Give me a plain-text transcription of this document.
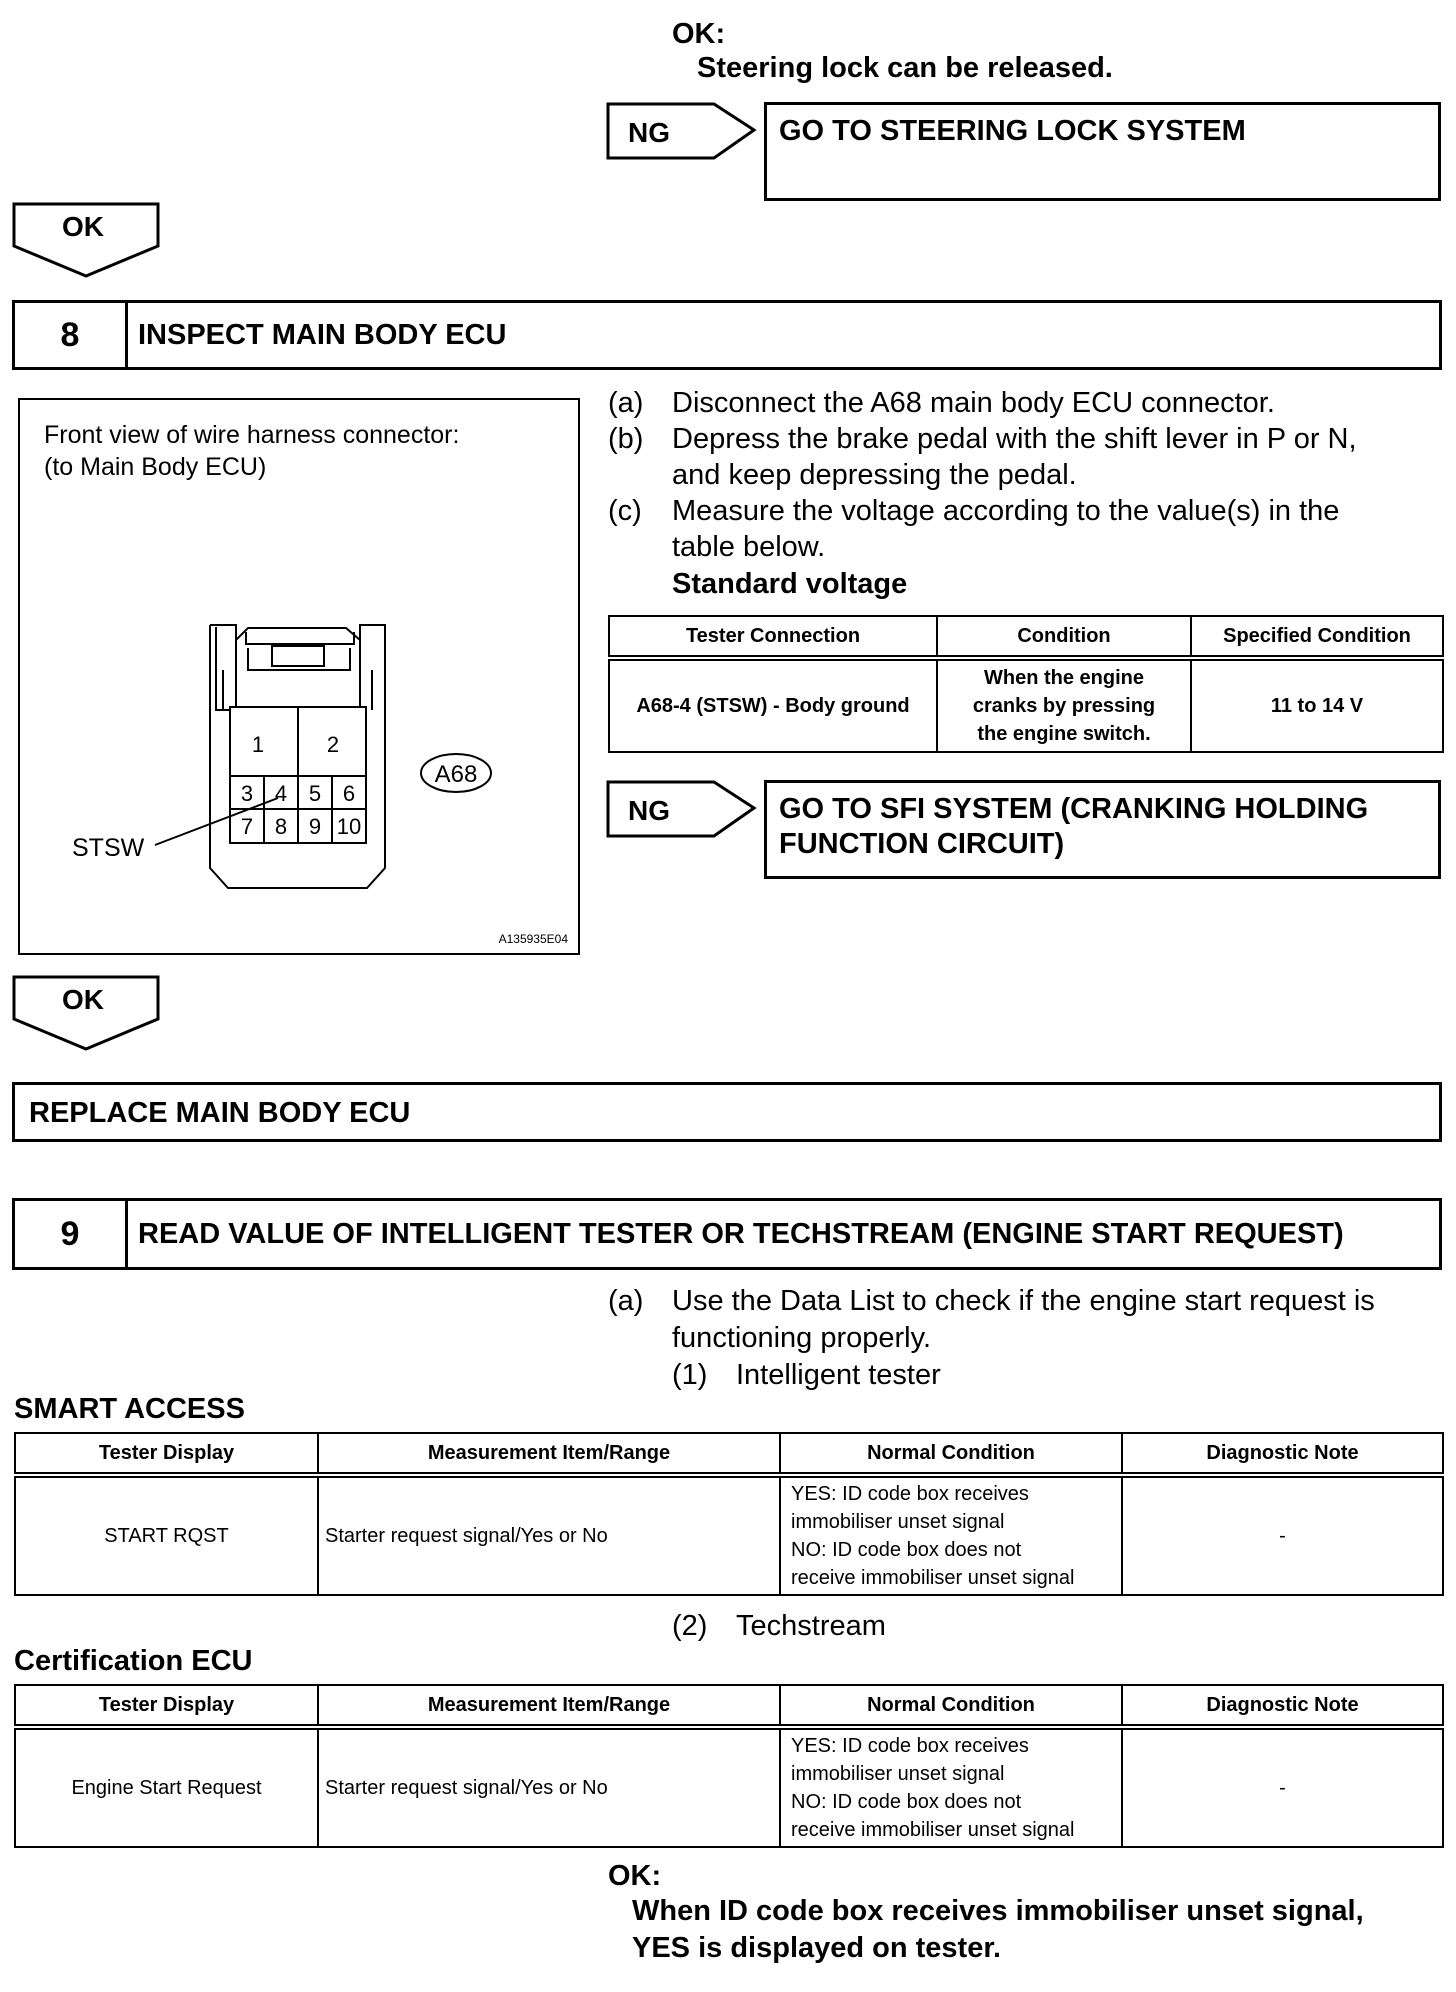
OK:
Steering lock can be released.
NG	GO TO STEERING LOCK SYSTEM
OK
8	INSPECT MAIN BODY ECU
Front view of wire harness connector:
(to Main Body ECU)
1	2
3 4 5 6
7 8 9 10
STSW
A68
A135935E04
(a) Disconnect the A68 main body ECU connector.
(b) Depress the brake pedal with the shift lever in P or N,
and keep depressing the pedal.
(c) Measure the voltage according to the value(s) in the
table below.
Standard voltage
Tester Connection	Condition	Specified Condition
A68-4 (STSW) - Body ground	When the engine
cranks by pressing
the engine switch.	11 to 14 V
NG	GO TO SFI SYSTEM (CRANKING HOLDING
FUNCTION CIRCUIT)
OK
REPLACE MAIN BODY ECU
9	READ VALUE OF INTELLIGENT TESTER OR TECHSTREAM (ENGINE START REQUEST)
(a) Use the Data List to check if the engine start request is
functioning properly.
(1) Intelligent tester
SMART ACCESS
Tester Display	Measurement Item/Range	Normal Condition	Diagnostic Note
START RQST	Starter request signal/Yes or No	YES: ID code box receives
immobiliser unset signal
NO: ID code box does not
receive immobiliser unset signal	-
(2) Techstream
Certification ECU
Tester Display	Measurement Item/Range	Normal Condition	Diagnostic Note
Engine Start Request	Starter request signal/Yes or No	YES: ID code box receives
immobiliser unset signal
NO: ID code box does not
receive immobiliser unset signal	-
OK:
When ID code box receives immobiliser unset signal,
YES is displayed on tester.
